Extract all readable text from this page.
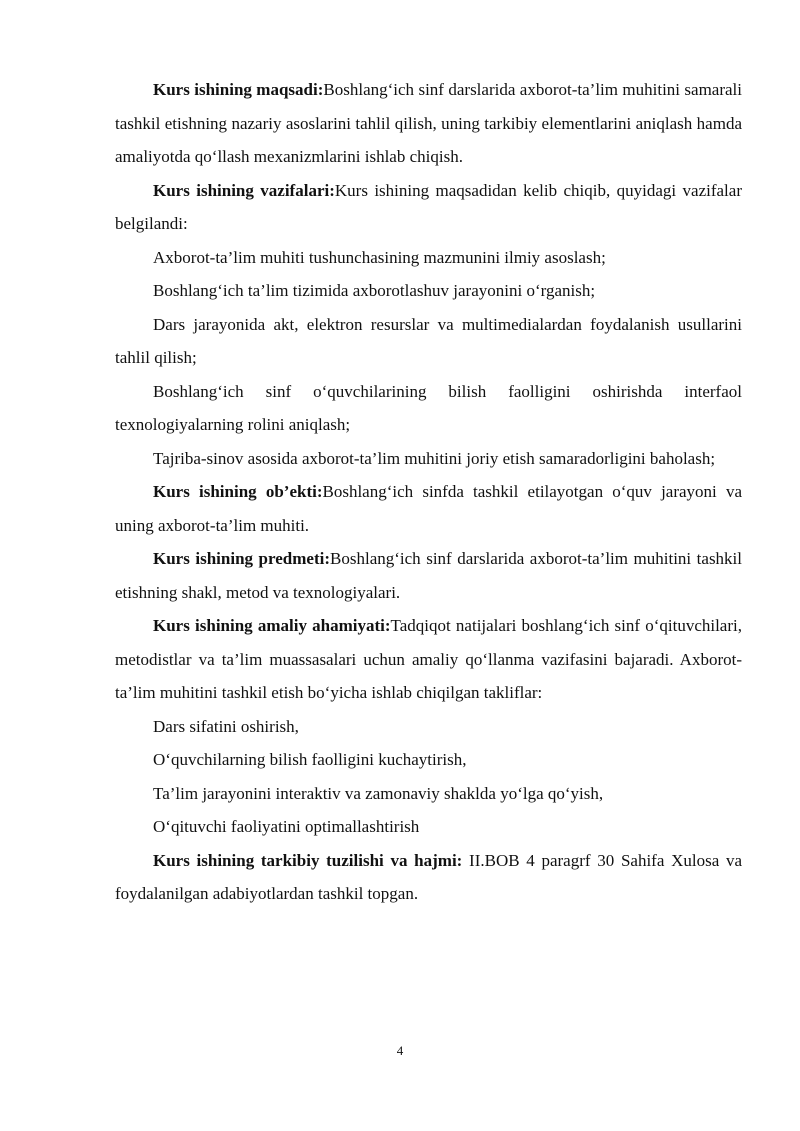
Kurs ishining maqsadi:Boshlang‘ich sinf darslarida axborot-ta’lim muhitini samarali tashkil etishning nazariy asoslarini tahlil qilish, uning tarkibiy elementlarini aniqlash hamda amaliyotda qo‘llash mexanizmlarini ishlab chiqish.

Kurs ishining vazifalari:Kurs ishining maqsadidan kelib chiqib, quyidagi vazifalar belgilandi:

Axborot-ta’lim muhiti tushunchasining mazmunini ilmiy asoslash;

Boshlang‘ich ta’lim tizimida axborotlashuv jarayonini o‘rganish;

Dars jarayonida akt, elektron resurslar va multimedialardan foydalanish usullarini tahlil qilish;

Boshlang‘ich sinf o‘quvchilarining bilish faolligini oshirishda interfaol texnologiyalarning rolini aniqlash;

Tajriba-sinov asosida axborot-ta’lim muhitini joriy etish samaradorligini baholash;

Kurs ishining ob’ekti:Boshlang‘ich sinfda tashkil etilayotgan o‘quv jarayoni va uning axborot-ta’lim muhiti.

Kurs ishining predmeti:Boshlang‘ich sinf darslarida axborot-ta’lim muhitini tashkil etishning shakl, metod va texnologiyalari.

Kurs ishining amaliy ahamiyati:Tadqiqot natijalari boshlang‘ich sinf o‘qituvchilari, metodistlar va ta’lim muassasalari uchun amaliy qo‘llanma vazifasini bajaradi. Axborot-ta’lim muhitini tashkil etish bo‘yicha ishlab chiqilgan takliflar:

Dars sifatini oshirish,

O‘quvchilarning bilish faolligini kuchaytirish,

Ta’lim jarayonini interaktiv va zamonaviy shaklda yo‘lga qo‘yish,

O‘qituvchi faoliyatini optimallashtirish

Kurs ishining tarkibiy tuzilishi va hajmi: II.BOB 4 paragrf 30 Sahifa Xulosa va foydalanilgan adabiyotlardan tashkil topgan.

4
